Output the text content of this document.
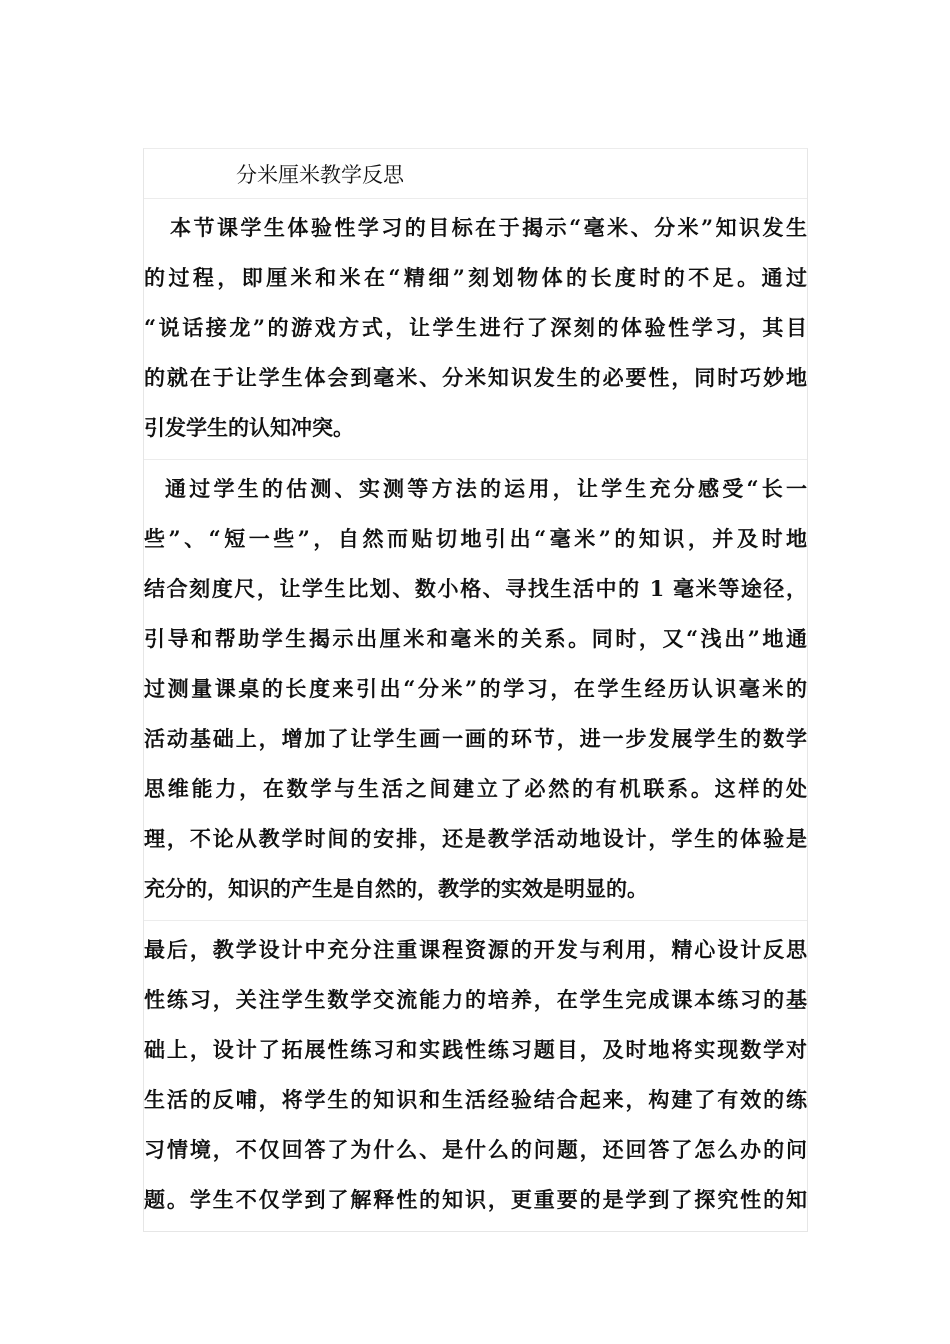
分米厘米教学反思
本节课学生体验性学习的目标在于揭示“毫米、分米”知识发生
的过程，即厘米和米在“精细”刻划物体的长度时的不足。通过
“说话接龙”的游戏方式，让学生进行了深刻的体验性学习，其目
的就在于让学生体会到毫米、分米知识发生的必要性，同时巧妙地
引发学生的认知冲突。
通过学生的估测、实测等方法的运用，让学生充分感受“长一
些”、“短一些”，自然而贴切地引出“毫米”的知识，并及时地
结合刻度尺，让学生比划、数小格、寻找生活中的 1 毫米等途径，
引导和帮助学生揭示出厘米和毫米的关系。同时，又“浅出”地通
过测量课桌的长度来引出“分米”的学习，在学生经历认识毫米的
活动基础上，增加了让学生画一画的环节，进一步发展学生的数学
思维能力，在数学与生活之间建立了必然的有机联系。这样的处
理，不论从教学时间的安排，还是教学活动地设计，学生的体验是
充分的，知识的产生是自然的，教学的实效是明显的。
最后，教学设计中充分注重课程资源的开发与利用，精心设计反思
性练习，关注学生数学交流能力的培养，在学生完成课本练习的基
础上，设计了拓展性练习和实践性练习题目，及时地将实现数学对
生活的反哺，将学生的知识和生活经验结合起来，构建了有效的练
习情境，不仅回答了为什么、是什么的问题，还回答了怎么办的问
题。学生不仅学到了解释性的知识，更重要的是学到了探究性的知
